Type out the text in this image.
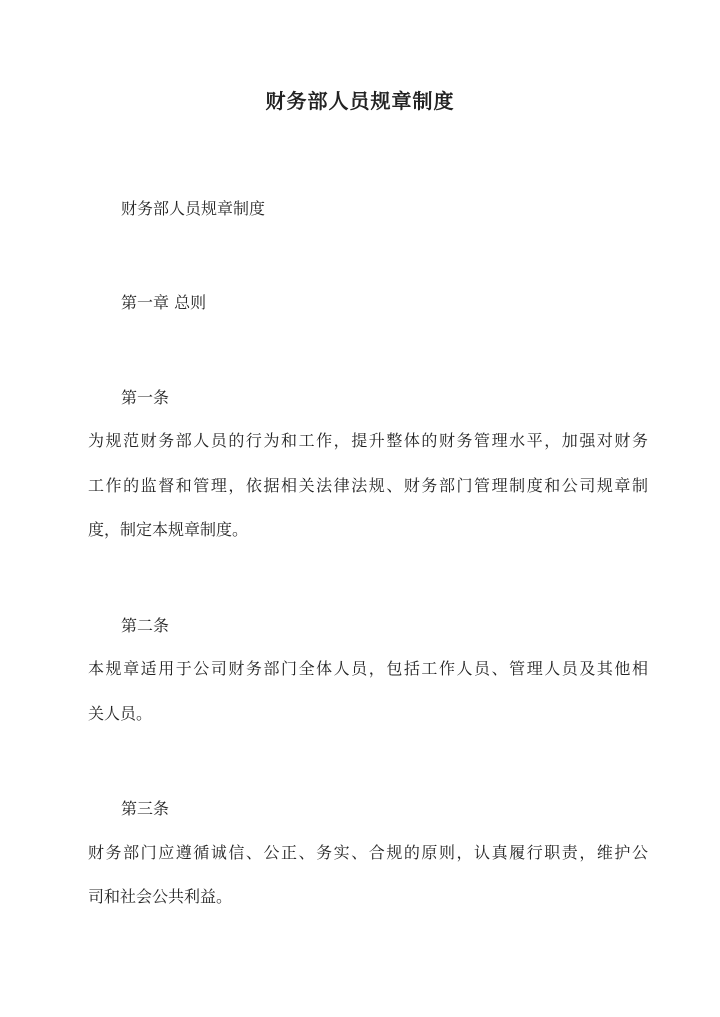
财务部人员规章制度
财务部人员规章制度
第一章 总则
第一条
为规范财务部人员的行为和工作，提升整体的财务管理水平，加强对财务
工作的监督和管理，依据相关法律法规、财务部门管理制度和公司规章制
度，制定本规章制度。
第二条
本规章适用于公司财务部门全体人员，包括工作人员、管理人员及其他相
关人员。
第三条
财务部门应遵循诚信、公正、务实、合规的原则，认真履行职责，维护公
司和社会公共利益。
